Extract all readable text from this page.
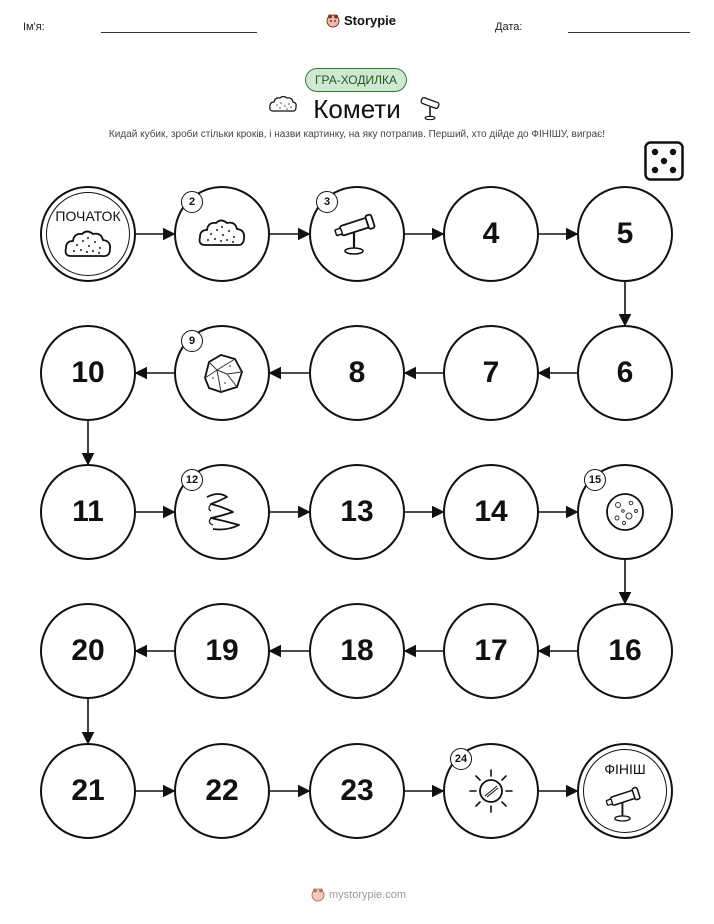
Ім'я:	Storypie	Дата:
ГРА-ХОДИЛКА
Комети
Кидай кубик, зроби стільки кроків, і назви картинку, на яку потрапив. Перший, хто дійде до ФІНІШУ, виграє!
ПОЧАТОК
2	3
4	5
6
7
8
9
10
11
12
13	14
15
16
17
18
19
20
21	22	23
24
ФІНІШ
mystorypie.com
